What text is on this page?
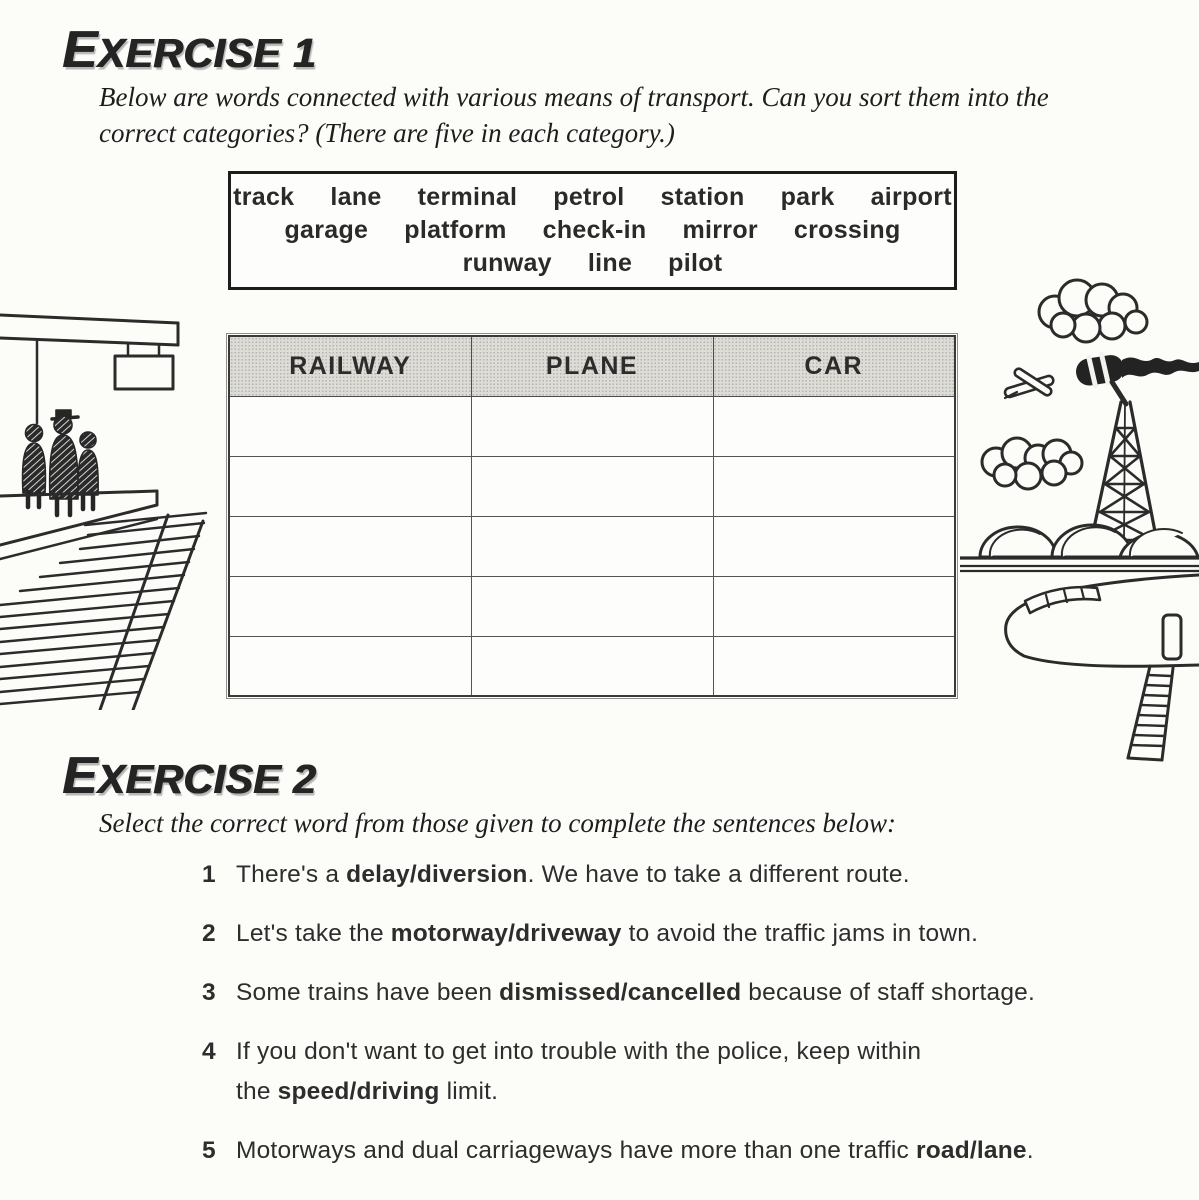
EXERCISE 1
Below are words connected with various means of transport. Can you sort them into the correct categories? (There are five in each category.)
track lane terminal petrol station park airport
garage platform check-in mirror crossing
runway line pilot
RAILWAY	PLANE	CAR

EXERCISE 2
Select the correct word from those given to complete the sentences below:
1 There's a delay/diversion. We have to take a different route.
2 Let's take the motorway/driveway to avoid the traffic jams in town.
3 Some trains have been dismissed/cancelled because of staff shortage.
4 If you don't want to get into trouble with the police, keep within
the speed/driving limit.
5 Motorways and dual carriageways have more than one traffic road/lane.
